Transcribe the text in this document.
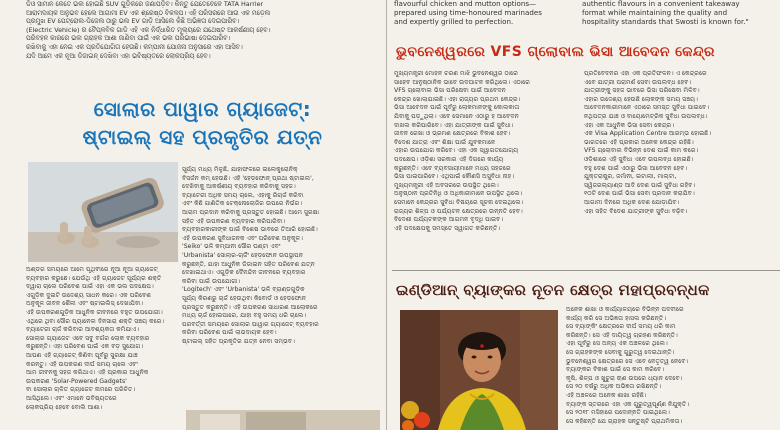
ଡିଓ ସାମାନ କେତେ ଭଲ ହୋଇଛି SUV ଗୁଡ଼ିକରେ ଜଣାପଡ଼ିବ। କିନ୍ତୁ ଯେତେବେଳେ TATA Harrier
ଆରାମଦାୟକ ଅନୁଭବ ହେଲେ ଆଗାମୀ EV ଏକ ଶ୍ରେଷ୍ଠ ବିକଳ୍ପ। ଏହି ପରିସରରେ ଆଉ ଏକ ମଡ଼େଲ
ପ୍ରମୁଖ EV ପେଟ୍ରୋଲ-ଡିଜେଲ ଠାରୁ ଭଲ EV ଗାଡ଼ି ଆସିଲେ କିଛି ଅଭିଜ୍ଞତା ଦେଇପାରିବ।
(Electric Vehicle) ର ବୈପ୍ଳବିକ ଗାଡ଼ି ଏହି ଏକ ନିର୍ଦ୍ଧାରିତ ମୂଲ୍ୟରେ ଯଥେଷ୍ଟ ଆକର୍ଷଣୀୟ ହେବ।
ପରିବହନ କାରରେ ଭଲ ଗ୍ରାହକ ଆଶା ଜାଣିବା ପାଇଁ ଏକ ଭଲ ପରିଭାଷା ଦେଇପାରିବ।
ରଖିବାକୁ ଏହା ନେଇ ଏକ ପ୍ରତିଯୋଗିତା ହେଉଛି। କମ୍ପାନୀ ଯୋଜନା ଅନୁସାରେ ଏହା ଆସିବ।
ଯଦି ଆମେ ଏକ ନୂଆ ଡିଜାଇନ୍ ଦେଖିବା ଏହା ଭବିଷ୍ୟତରେ ଲୋକପ୍ରିୟ ହେବ।
ସୋଲାର ପାୱାର ଗ୍ୟାଜେଟ୍:
ଷ୍ଟାଇଲ୍ ସହ ପ୍ରକୃତିର ଯତ୍ନ
ସୂର୍ଯ୍ୟ ମଧ୍ୟ ମିଳୁଛି, ଯାହାଫଳରେ ଇଲେକ୍ଟ୍ରୋନିକ୍
ବିସର୍ଜନ କମ୍ ହେଉଛି। ଏହି 'ହେଡ଼ଫୋନ୍ ପ୍ରଥା ଷ୍ଟାଇଲ',
ଦେଖିବାକୁ ଆକର୍ଷଣୀୟ ବ୍ୟବହାର କରିବାକୁ ସହଜ।
ବ୍ୟାଟେରୀ ଅଧିକ ସମୟ ଚାଲେ, ଏହାକୁ ରିଚାର୍ଜ କରିବା
ଏବଂ କିଛି ଗାଣିତିକ ଟେକ୍ନୋଲୋଜିର ଉପରେ ନିର୍ଭର।
ଆରାମ ପ୍ରଦାନ କରିବାକୁ ପ୍ରସ୍ତୁତ ହୋଇଛି। ଆମେ ସୁରକ୍ଷା
ସହିତ ଏହି ଉପକରଣ ବ୍ୟବହାର କରିପାରିବା।
ବ୍ୟବହାରକାରୀଙ୍କ ପାଇଁ ବିଶେଷ ଭାବରେ ତିଆରି ହୋଇଛି।
ଏହି ଉପକରଣ ସୁବିଧାଜନକ ଏବଂ ପରିବେଶ ଅନୁକୂଳ।
'Seiko' ଭଳି କମ୍ପାନୀ ସୌର ଘଣ୍ଟା ଏବଂ
'Urbanista' ସୋଲାର-ଚାର୍ଜିଂ ହେଡ଼ଫୋନ ଉପସ୍ଥାପନ
କରୁଛନ୍ତି, ଯାହା ଆଧୁନିକ ଡିଜାଇନ ସହିତ ପରିବେଶ ଯତ୍ନ
ଦେଖାଇଥାଏ। ଏଗୁଡ଼ିକ ଦୈନନ୍ଦିନ ଜୀବନରେ ବ୍ୟବହାର
କରିବା ପାଇଁ ଉପଯୋଗୀ।
'Logitech' ଏବଂ 'Urbanista' ଭଳି ବ୍ରାଣ୍ଡଗୁଡ଼ିକ
ସୂର୍ଯ୍ୟ କିରଣରୁ ଚାର୍ଜ ହେଉଥିବା କିବୋର୍ଡ ଓ ହେଡ଼ଫୋନ
ପ୍ରସ୍ତୁତ କରୁଛନ୍ତି। ଏହି ଉପକରଣ ସାଧାରଣ ଆଲୋକରେ
ମଧ୍ୟ ଚାର୍ଜ ହୋଇପାରେ, ଯାହା ବହୁ ସମୟ ଧରି ଚାଲେ।
ପରବର୍ତ୍ତୀ ସମୟରେ ସୋଲାର ପାୱାର ଗ୍ୟାଜେଟ୍ ବ୍ୟବହାର
କରିବା ପରିବେଶ ପାଇଁ ଲାଭଦାୟକ ହେବ।
ଷ୍ଟାଇଲ୍ ସହିତ ପ୍ରକୃତିର ଯତ୍ନ ନେବା ସମ୍ଭବ।
ଅଣ୍ଡର ସମୟରେ ଆମେ ପୃଥିବୀରେ ନୂଆ ନୂଆ ଗ୍ୟାଜେଟ୍
ବ୍ୟବହାର କରୁଛେ। ଯେଉଁଥି ଏହି ଗ୍ୟାଜେଟ ସୂର୍ଯ୍ୟର ଶକ୍ତି
ଦ୍ୱାରା ଚାଲେ ପରିବେଶ ପାଇଁ ଏହା ଏକ ଭଲ ପଦକ୍ଷେପ।
ଏଗୁଡ଼ିକ ଦୁଇଟି ଉଦ୍ଦେଶ୍ୟ ସାଧନ କରେ। ଏକ ପରିବେଶ
ଅନୁକୂଳ ଜୀବନ ଶୈଳୀ ଏବଂ ଷ୍ଟାଇଲିସ୍ ଦେଖାଯିବା।
ଏହି ଉପକରଣଗୁଡ଼ିକ ଆଧୁନିକ ଜୀବନରେ ବହୁତ ଉପଯୋଗୀ।
ଏଥିରେ ଥିବା ସୌର ପ୍ୟାନେଲ ଦିନସାରା ଶକ୍ତି ସଞ୍ଚୟ କରେ।
ବ୍ୟାଟେରୀ ଚାର୍ଜ କରିବାର ଆବଶ୍ୟକତା କମିଯାଏ।
ସୋଲାର ଗ୍ୟାଜେଟ ଏବେ ସବୁ ବର୍ଗର ଲୋକ ବ୍ୟବହାର
କରୁଛନ୍ତି। ଏହା ପରିବେଶ ପାଇଁ ଏକ ବଡ଼ ସୁଯୋଗ।
ଆପଣ ଏହି ଗ୍ୟାଜେଟ୍ କିଣିବା ପୂର୍ବରୁ ସୁରକ୍ଷା ଯାଞ୍ଚ
କରନ୍ତୁ। ଏହି ଉପକରଣ ଦୀର୍ଘ ସମୟ ଚାଲେ ଏବଂ
ଆମ ଜୀବନକୁ ସହଜ କରିଥାଏ। ଏହି ପ୍ରକାର ଆଧୁନିକ
ଉପକରଣ 'Solar-Powered Gadgets'
ବା ସୋଲାର ଚାଳିତ ଗ୍ୟାଜେଟ ନାମରେ ପରିଚିତ।
ଆସିଥିଲେ। ଏବଂ ଏମାନେ ଭବିଷ୍ୟତରେ
ଲୋକପ୍ରିୟ ହେବେ ବୋଲି ଆଶା।
flavourful chicken and mutton options—
prepared using time-honoured marinades
and expertly grilled to perfection.
authentic flavours in a convenient takeaway
format while maintaining the quality and
hospitality standards that Swosti is known for."
ଭୁବନେଶ୍ୱରରେ VFS ଗ୍ଲୋବାଲ ଭିସା ଆବେଦନ କେନ୍ଦ୍ର
ମୁଖ୍ୟମନ୍ତ୍ରୀ ମୋହନ ଚରଣ ମାଝି ଭୁବନେଶ୍ୱର ଠାରେ
ସାହେବ ଆନୁଷ୍ଠାନିକ ଭାବେ ଉଦଘାଟନ କରିଥିଲେ। ଏଠାରେ
VFS ଗ୍ଲୋବାଲ ଭିସା ପରିଷେବା ପାଇଁ ଆବେଦନ
କେନ୍ଦ୍ର ଖୋଲାଯାଇଛି। ଏହା ରାଜ୍ୟର ପ୍ରଥମ କେନ୍ଦ୍ର।
ଭିସା ଆବେଦନ ପାଇଁ ପୂର୍ବରୁ ଲୋକମାନଙ୍କୁ କୋଲକାତା
ଯିବାକୁ ପଡ଼ୁଥିଲା। ଏବେ ସେମାନେ ଏଠାରୁ ହିଁ ଆବେଦନ
ଦାଖଲ କରିପାରିବେ। ଏହା ଯାତ୍ରୀଙ୍କ ପାଇଁ ସୁବିଧା।
ଜୀବନ ରେଖା ଓ ଭ୍ରମଣ କ୍ଷେତ୍ରରେ ବିକାଶ ହେବ।
ବିଦେଶ ଯାତ୍ରା ଏବଂ ଶିକ୍ଷା ପାଇଁ ଯୁବକମାନେ
ଏହାର ଉପଯୋଗ କରିବେ। ଏହା ଏକ ସ୍ୱାଗତଯୋଗ୍ୟ
ପଦକ୍ଷେପ। ଓଡ଼ିଶା ସରକାର ଏହି ଦିଗରେ କାର୍ଯ୍ୟ
କରୁଛନ୍ତି। ଏବେ ବ୍ୟବସାୟୀମାନେ ମଧ୍ୟ ସହଜରେ
ଭିସା ପାଇପାରିବେ। ଏଥିପାଇଁ କୌଣସି ଅସୁବିଧା ନାହିଁ।
ମୁଖ୍ୟମନ୍ତ୍ରୀ ଏହି ଅବସରରେ ଉପସ୍ଥିତ ଥିଲେ।
ଅନୁଷ୍ଠାନ ପ୍ରତିନିଧି ଓ ଅଧିକାରୀମାନେ ଉପସ୍ଥିତ ଥିଲେ।
ସେମାନେ କେନ୍ଦ୍ରର ସୁବିଧା ବିଷୟରେ ସୂଚନା ଦେଇଥିଲେ।
ରାଜ୍ୟର ଶିଳ୍ପ ଓ ପର୍ଯ୍ୟଟନ କ୍ଷେତ୍ରରେ ଉନ୍ନତି ହେବ।
ବିଦେଶୀ ପର୍ଯ୍ୟଟକଙ୍କ ଆଗମନ ବୃଦ୍ଧି ପାଇବ।
ଏହି ପଦକ୍ଷେପକୁ ସମସ୍ତେ ସ୍ୱାଗତ କରିଛନ୍ତି।
ପ୍ରତିବେଦନର ଏହା ଏକ ପ୍ରତିଫଳନ। ଏ କେନ୍ଦ୍ରରେ
ଏବେ ଯାତ୍ରୀ ପରାମର୍ଶ ସେବା ଉପଲବ୍ଧ ହେବ।
ଯାତ୍ରୀଙ୍କୁ ସହଜ ଭାବରେ ଭିସା ପରିଷେବା ମିଳିବ।
ଏହାର ଉଦ୍ଦେଶ୍ୟ ହେଉଛି ଲୋକଙ୍କ ସମୟ ସଞ୍ଚୟ।
ଆବେଦନକାରୀମାନେ ଏଠାରେ ସମସ୍ତ ସୁବିଧା ପାଇବେ।
ନଥିପତ୍ର ଯାଞ୍ଚ ଓ ବାୟୋମେଟ୍ରିକ ସୁବିଧା ଉପଲବ୍ଧ।
ଏହା ଏକ ଆଧୁନିକ ଭିସା ସେବା କେନ୍ଦ୍ର।
ଏକ Visa Application Centre ଆରମ୍ଭ ହୋଇଛି।
ଭାରତରେ ଏହି ପ୍ରକାର ଅନେକ କେନ୍ଦ୍ର ରହିଛି।
VFS ଗ୍ଲୋବାଲ ବିଭିନ୍ନ ଦେଶ ପାଇଁ କାମ କରେ।
ଓଡ଼ିଶାରେ ଏହି ସୁବିଧା ଏବେ ଉପଲବ୍ଧ ହୋଇଛି।
ବହୁ ଦେଶ ପାଇଁ ଏଠାରୁ ଭିସା ଆବେଦନ ହେବ।
ଯୁକ୍ତରାଷ୍ଟ୍ର, ଜର୍ମାନୀ, ଇଟାଲୀ, ମାଲ୍ଟା,
ସ୍ୱିଜରଲ୍ୟାଣ୍ଡ ଆଦି ଦେଶ ପାଇଁ ସୁବିଧା ରହିବ।
୧୦ଟି ଦେଶ ପାଇଁ ଭିସା ସେବା ପ୍ରଦାନ କରାଯିବ।
ଆଗାମୀ ଦିନରେ ଅଧିକ ଦେଶ ଯୋଡ଼ାଯିବ।
ଏହା ସହିତ ବିଦେଶ ଯାତ୍ରୀଙ୍କ ସୁବିଧା ବଢ଼ିବ।
ଇଣ୍ଡିଆନ୍ ବ୍ୟାଙ୍କର ନୂତନ କ୍ଷେତ୍ର ମହାପ୍ରବନ୍ଧକ
ଅନେକ ଶାଖା ଓ କାର୍ଯ୍ୟାଳୟରେ ବିଭିନ୍ନ ପଦବୀରେ
କାର୍ଯ୍ୟ କରି ସେ ଅଭିଜ୍ଞତା ହାସଲ କରିଛନ୍ତି।
ସେ ବ୍ୟାଙ୍କିଂ କ୍ଷେତ୍ରରେ ଦୀର୍ଘ ସମୟ ଧରି କାମ
କରିଛନ୍ତି। ସେ ଏହି ଦାୟିତ୍ୱ ଗ୍ରହଣ କରିଛନ୍ତି।
ଏହା ପୂର୍ବରୁ ସେ ଅନ୍ୟ ଏକ ଅଞ୍ଚଳରେ ଥିଲେ।
ସେ ଗ୍ରାହକଙ୍କ ସେବାକୁ ଗୁରୁତ୍ୱ ଦେଇଥାନ୍ତି।
ଭୁବନେଶ୍ୱର କ୍ଷେତ୍ରରେ ସେ ଏବେ ନେତୃତ୍ୱ ନେବେ।
ବ୍ୟାଙ୍କର ବିକାଶ ପାଇଁ ସେ କାମ କରିବେ।
କୃଷି, ଶିଳ୍ପ ଓ ଖୁଚୁରା ଋଣ ଉପରେ ଧ୍ୟାନ ଦେବେ।
ସେ ୨୦ ବର୍ଷରୁ ଅଧିକ ଅଭିଜ୍ଞତା ରଖିଛନ୍ତି।
ଏହି ଅଞ୍ଚଳରେ ଅନେକ ଶାଖା ରହିଛି।
ବ୍ୟାଙ୍କ ସ୍ତରରେ ଏହା ଏକ ଗୁରୁତ୍ୱପୂର୍ଣ୍ଣ ନିଯୁକ୍ତି।
ସେ ୨୦୧୮ ମସିହାରେ ପଦୋନ୍ନତି ପାଇଥିଲେ।
ସେ କହିଛନ୍ତି ଯେ ଗ୍ରାହକ ସନ୍ତୁଷ୍ଟି ପ୍ରାଥମିକତା।
